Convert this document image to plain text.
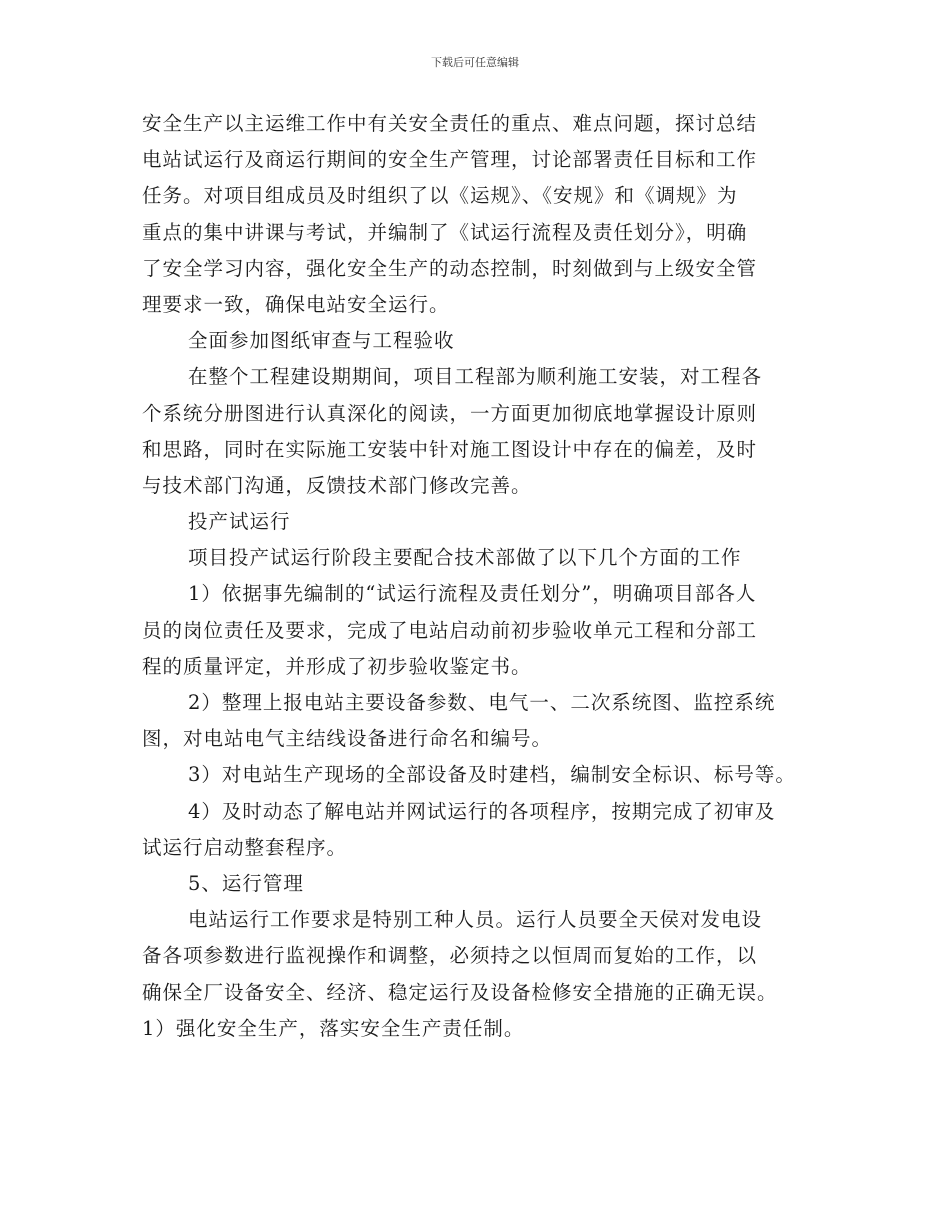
下载后可任意编辑
安全生产以主运维工作中有关安全责任的重点、难点问题，探讨总结
电站试运行及商运行期间的安全生产管理，讨论部署责任目标和工作
任务。对项目组成员及时组织了以《运规》、《安规》和《调规》为
重点的集中讲课与考试，并编制了《试运行流程及责任划分》，明确
了安全学习内容，强化安全生产的动态控制，时刻做到与上级安全管
理要求一致，确保电站安全运行。
全面参加图纸审查与工程验收
在整个工程建设期期间，项目工程部为顺利施工安装，对工程各
个系统分册图进行认真深化的阅读，一方面更加彻底地掌握设计原则
和思路，同时在实际施工安装中针对施工图设计中存在的偏差，及时
与技术部门沟通，反馈技术部门修改完善。
投产试运行
项目投产试运行阶段主要配合技术部做了以下几个方面的工作
1）依据事先编制的“试运行流程及责任划分”，明确项目部各人
员的岗位责任及要求，完成了电站启动前初步验收单元工程和分部工
程的质量评定，并形成了初步验收鉴定书。
2）整理上报电站主要设备参数、电气一、二次系统图、监控系统
图，对电站电气主结线设备进行命名和编号。
3）对电站生产现场的全部设备及时建档，编制安全标识、标号等。
4）及时动态了解电站并网试运行的各项程序，按期完成了初审及
试运行启动整套程序。
5、运行管理
电站运行工作要求是特别工种人员。运行人员要全天侯对发电设
备各项参数进行监视操作和调整，必须持之以恒周而复始的工作，以
确保全厂设备安全、经济、稳定运行及设备检修安全措施的正确无误。
1）强化安全生产，落实安全生产责任制。
